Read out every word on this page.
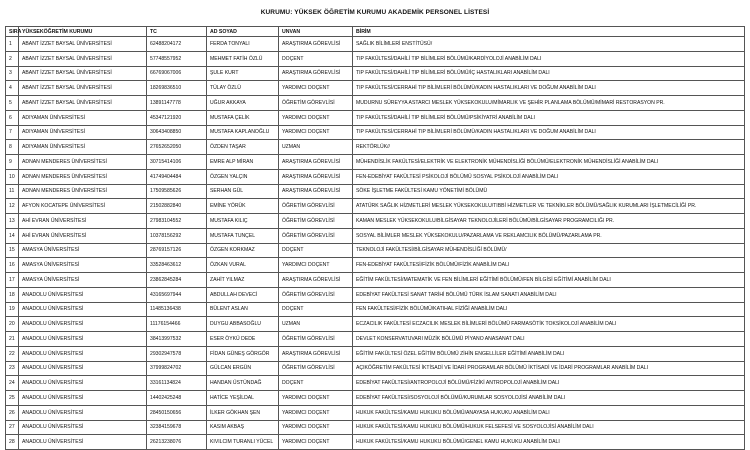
KURUMU: YÜKSEK ÖĞRETİM KURUMU AKADEMİK PERSONEL LİSTESİ
SIRA	YÜKSEKÖĞRETİM KURUMU	TC	AD SOYAD	UNVAN	BİRİM
1	ABANT İZZET BAYSAL ÜNİVERSİTESİ	62488204172	FERDA TONYALI	ARAŞTIRMA GÖREVLİSİ	SAĞLIK BİLİMLERİ ENSTİTÜSÜ/
2	ABANT İZZET BAYSAL ÜNİVERSİTESİ	57748557952	MEHMET FATİH ÖZLÜ	DOÇENT	TIP FAKÜLTESİ/DAHİLİ TIP BİLİMLERİ BÖLÜMÜ/KARDİYOLOJİ ANABİLİM DALI
3	ABANT İZZET BAYSAL ÜNİVERSİTESİ	66769067006	ŞULE KURT	ARAŞTIRMA GÖREVLİSİ	TIP FAKÜLTESİ/DAHİLİ TIP BİLİMLERİ BÖLÜMÜ/İÇ HASTALIKLARI ANABİLİM DALI
4	ABANT İZZET BAYSAL ÜNİVERSİTESİ	18269836510	TÜLAY ÖZLÜ	YARDIMCI DOÇENT	TIP FAKÜLTESİ/CERRAHİ TIP BİLİMLERİ BÖLÜMÜ/KADIN HASTALIKLARI VE DOĞUM ANABİLİM DALI
5	ABANT İZZET BAYSAL ÜNİVERSİTESİ	13891147778	UĞUR AKKAYA	ÖĞRETİM GÖREVLİSİ	MUDURNU SÜREYYA ASTARCI MESLEK YÜKSEKOKULU/MİMARLIK VE ŞEHİR PLANLAMA BÖLÜMÜ/MİMARİ RESTORASYON PR.
6	ADIYAMAN ÜNİVERSİTESİ	45347121920	MUSTAFA ÇELİK	YARDIMCI DOÇENT	TIP FAKÜLTESİ/DAHİLİ TIP BİLİMLERİ BÖLÜMÜ/PSİKİYATRİ ANABİLİM DALI
7	ADIYAMAN ÜNİVERSİTESİ	30643408850	MUSTAFA KAPLANOĞLU	YARDIMCI DOÇENT	TIP FAKÜLTESİ/CERRAHİ TIP BİLİMLERİ BÖLÜMÜ/KADIN HASTALIKLARI VE DOĞUM ANABİLİM DALI
8	ADIYAMAN ÜNİVERSİTESİ	27652652050	ÖZDEN TAŞAR	UZMAN	REKTÖRLÜK//
9	ADNAN MENDERES ÜNİVERSİTESİ	30715414106	EMRE ALP MİRAN	ARAŞTIRMA GÖREVLİSİ	MÜHENDİSLİK FAKÜLTESİ/ELEKTRİK VE ELEKTRONİK MÜHENDİSLİĞİ BÖLÜMÜ/ELEKTRONİK MÜHENDİSLİĞİ ANABİLİM DALI
10	ADNAN MENDERES ÜNİVERSİTESİ	41749404484	ÖZGEN YALÇIN	ARAŞTIRMA GÖREVLİSİ	FEN-EDEBİYAT FAKÜLTESİ PSİKOLOJİ BÖLÜMÜ SOSYAL PSİKOLOJİ ANABİLİM DALI
11	ADNAN MENDERES ÜNİVERSİTESİ	17509585626	SERHAN GÜL	ARAŞTIRMA GÖREVLİSİ	SÖKE İŞLETME FAKÜLTESİ KAMU YÖNETİMİ BÖLÜMÜ
12	AFYON KOCATEPE ÜNİVERSİTESİ	21502882840	EMİNE YÖRÜK	ÖĞRETİM GÖREVLİSİ	ATATÜRK SAĞLIK HİZMETLERİ MESLEK YÜKSEKOKULU/TIBBİ HİZMETLER VE TEKNİKLER BÖLÜMÜ/SAĞLIK KURUMLARI İŞLETMECİLİĞİ PR.
13	AHİ EVRAN ÜNİVERSİTESİ	27983104552	MUSTAFA KILIÇ	ÖĞRETİM GÖREVLİSİ	KAMAN MESLEK YÜKSEKOKULU/BİLGİSAYAR TEKNOLOJİLERİ BÖLÜMÜ/BİLGİSAYAR PROGRAMCILIĞI PR.
14	AHİ EVRAN ÜNİVERSİTESİ	10378156292	MUSTAFA TUNÇEL	ÖĞRETİM GÖREVLİSİ	SOSYAL BİLİMLER MESLEK YÜKSEKOKULU/PAZARLAMA VE REKLAMCILIK BÖLÜMÜ/PAZARLAMA PR.
15	AMASYA ÜNİVERSİTESİ	28769157126	ÖZGEN KORKMAZ	DOÇENT	TEKNOLOJİ FAKÜLTESİ/BİLGİSAYAR MÜHENDİSLİĞİ BÖLÜMÜ/
16	AMASYA ÜNİVERSİTESİ	33528463612	ÖZKAN VURAL	YARDIMCI DOÇENT	FEN-EDEBİYAT FAKÜLTESİ/FİZİK BÖLÜMÜ/FİZİK ANABİLİM DALI
17	AMASYA ÜNİVERSİTESİ	23862845284	ZAHİT YILMAZ	ARAŞTIRMA GÖREVLİSİ	EĞİTİM FAKÜLTESİ/MATEMATİK VE FEN BİLİMLERİ EĞİTİMİ BÖLÜMÜ/FEN BİLGİSİ EĞİTİMİ ANABİLİM DALI
18	ANADOLU ÜNİVERSİTESİ	43165697944	ABDULLAH DEVECİ	ÖĞRETİM GÖREVLİSİ	EDEBİYAT FAKÜLTESİ SANAT TARİHİ BÖLÜMÜ TÜRK İSLAM SANATI ANABİLİM DALI
19	ANADOLU ÜNİVERSİTESİ	11485136438	BÜLENT ASLAN	DOÇENT	FEN FAKÜLTESİ/FİZİK BÖLÜMÜ/KATIHAL FİZİĞİ ANABİLİM DALI
20	ANADOLU ÜNİVERSİTESİ	11176154466	DUYGU ABBASOĞLU	UZMAN	ECZACILIK FAKÜLTESİ ECZACILIK MESLEK BİLİMLERİ BÖLÜMÜ FARMASÖTİK TOKSİKOLOJİ ANABİLİM DALI
21	ANADOLU ÜNİVERSİTESİ	38413997532	ESER ÖYKÜ DEDE	ÖĞRETİM GÖREVLİSİ	DEVLET KONSERVATUVARI MÜZİK BÖLÜMÜ PİYANO ANASANAT DALI
22	ANADOLU ÜNİVERSİTESİ	29302947578	FİDAN GÜNEŞ GÖRGÖR	ARAŞTIRMA GÖREVLİSİ	EĞİTİM FAKÜLTESİ ÖZEL EĞİTİM BÖLÜMÜ ZİHİN ENGELLİLER EĞİTİMİ ANABİLİM DALI
23	ANADOLU ÜNİVERSİTESİ	37999824702	GÜLCAN ERGÜN	ÖĞRETİM GÖREVLİSİ	AÇIKÖĞRETİM FAKÜLTESİ İKTİSADİ VE İDARİ PROGRAMLAR BÖLÜMÜ İKTİSADİ VE İDARİ PROGRAMLAR ANABİLİM DALI
24	ANADOLU ÜNİVERSİTESİ	33161134824	HANDAN ÜSTÜNDAĞ	DOÇENT	EDEBİYAT FAKÜLTESİ/ANTROPOLOJİ BÖLÜMÜ/FİZİKİ ANTROPOLOJİ ANABİLİM DALI
25	ANADOLU ÜNİVERSİTESİ	14402425248	HATİCE YEŞİLDAL	YARDIMCI DOÇENT	EDEBİYAT FAKÜLTESİ/SOSYOLOJİ BÖLÜMÜ/KURUMLAR SOSYOLOJİSİ ANABİLİM DALI
26	ANADOLU ÜNİVERSİTESİ	28450150656	İLKER GÖKHAN ŞEN	YARDIMCI DOÇENT	HUKUK FAKÜLTESİ/KAMU HUKUKU BÖLÜMÜ/ANAYASA HUKUKU ANABİLİM DALI
27	ANADOLU ÜNİVERSİTESİ	32384159678	KASIM AKBAŞ	YARDIMCI DOÇENT	HUKUK FAKÜLTESİ/KAMU HUKUKU BÖLÜMÜ/HUKUK FELSEFESİ VE SOSYOLOJİSİ ANABİLİM DALI
28	ANADOLU ÜNİVERSİTESİ	26213238076	KIVILCIM TURANLI YÜCEL	YARDIMCI DOÇENT	HUKUK FAKÜLTESİ/KAMU HUKUKU BÖLÜMÜ/GENEL KAMU HUKUKU ANABİLİM DALI
